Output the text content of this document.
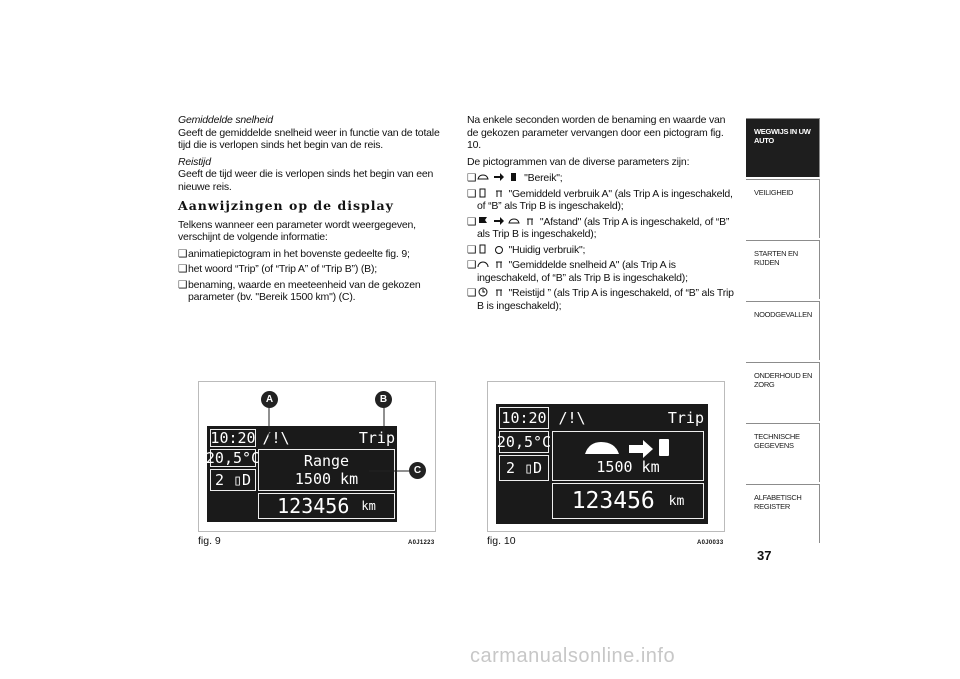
Gemiddelde snelheid

Geeft de gemiddelde snelheid weer in functie van de totale tijd die is verlopen sinds het begin van de reis.

Reistijd

Geeft de tijd weer die is verlopen sinds het begin van een nieuwe reis.

Aanwijzingen op de display

Telkens wanneer een parameter wordt weergegeven, verschijnt de volgende informatie:

❑ animatiepictogram in het bovenste gedeelte fig. 9;
❑ het woord “Trip” (of “Trip A” of “Trip B”) (B);
❑ benaming, waarde en meeteenheid van de gekozen parameter (bv. "Bereik 1500 km") (C).

Na enkele seconden worden de benaming en waarde van de gekozen parameter vervangen door een pictogram fig. 10.

De pictogrammen van de diverse parameters zijn:

❑	"Bereik";
❑	"Gemiddeld verbruik A" (als Trip A is ingeschakeld, of “B” als Trip B is ingeschakeld);
❑	"Afstand" (als Trip A is ingeschakeld, of “B” als Trip B is ingeschakeld);
❑	"Huidig verbruik";
❑	"Gemiddelde snelheid A" (als Trip A is ingeschakeld, of “B” als Trip B is ingeschakeld);
❑	"Reistijd ” (als Trip A is ingeschakeld, of “B” als Trip B is ingeschakeld);
10:20 /!\	Trip
20,5°C
2
▯ D
Range
1500 km
123456
km
A	B
C
fig. 9	A0J1223
10:20 /!\	Trip
20,5°C
2
▯ D	1500 km
123456
km
fig. 10	A0J0033
WEGWIJS IN UW AUTO
VEILIGHEID
STARTEN EN RIJDEN
NOODGEVALLEN
ONDERHOUD EN ZORG
TECHNISCHE GEGEVENS
ALFABETISCH REGISTER
37
carmanualsonline.info
